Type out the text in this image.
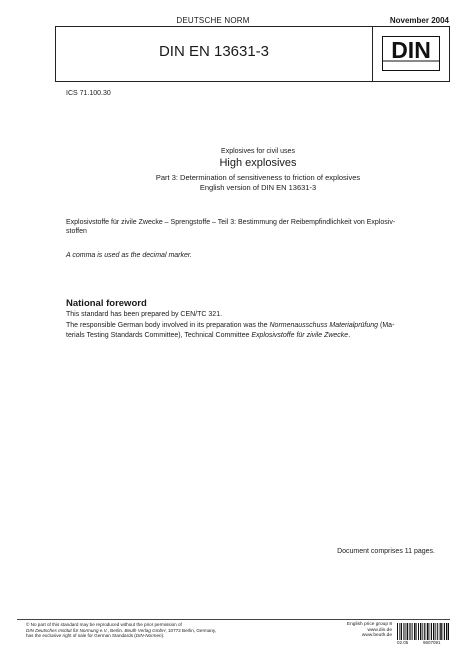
DEUTSCHE NORM	November 2004
DIN EN 13631-3	DIN
ICS 71.100.30
Explosives for civil uses
High explosives
Part 3: Determination of sensitiveness to friction of explosives
English version of DIN EN 13631-3
Explosivstoffe für zivile Zwecke – Sprengstoffe – Teil 3: Bestimmung der Reibempfindlichkeit von Explosiv-
stoffen
A comma is used as the decimal marker.
National foreword
This standard has been prepared by CEN/TC 321.
The responsible German body involved in its preparation was the Normenausschuss Materialprüfung (Ma-
terials Testing Standards Committee), Technical Committee Explosivstoffe für zivile Zwecke.
Document comprises 11 pages.
© No part of this standard may be reproduced without the prior permission of
DIN Deutsches Institut für Normung e.V., Berlin. Beuth Verlag GmbH, 10772 Berlin, Germany,
has the exclusive right of sale for German Standards (DIN-Normen).
English price group 8
www.din.de
www.beuth.de
02.05	9607091
